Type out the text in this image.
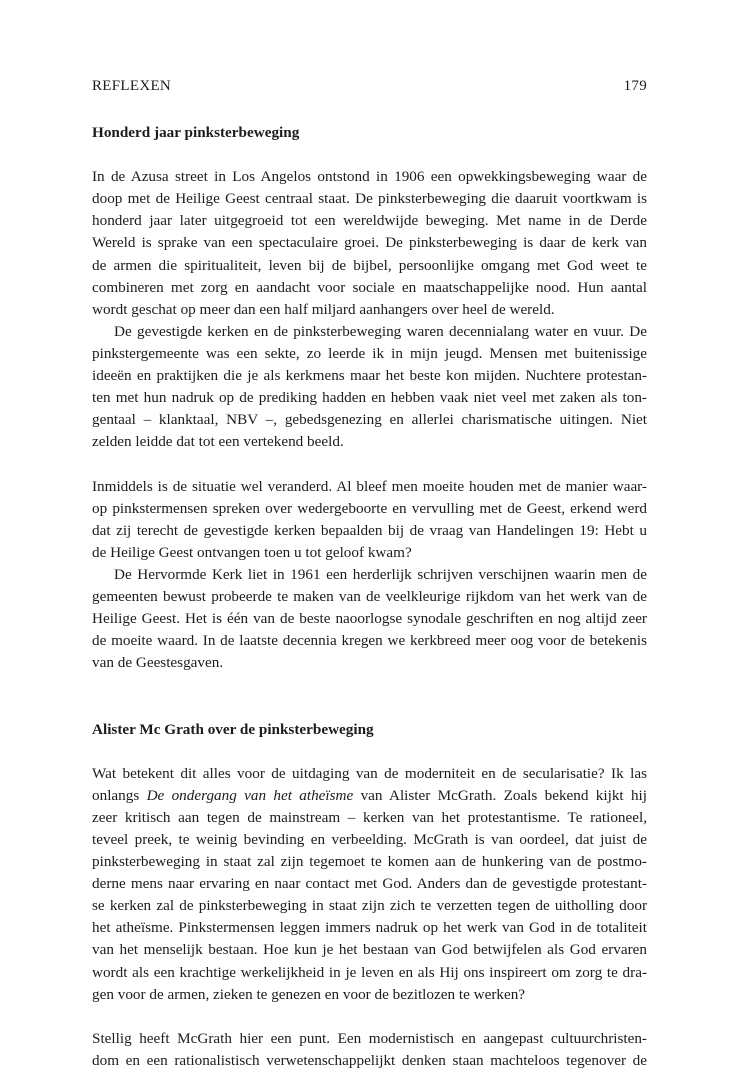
REFLEXEN	179
Honderd jaar pinksterbeweging
In de Azusa street in Los Angelos ontstond in 1906 een opwekkingsbeweging waar de
doop met de Heilige Geest centraal staat. De pinksterbeweging die daaruit voortkwam is
honderd jaar later uitgegroeid tot een wereldwijde beweging. Met name in de Derde
Wereld is sprake van een spectaculaire groei. De pinksterbeweging is daar de kerk van
de armen die spiritualiteit, leven bij de bijbel, persoonlijke omgang met God weet te
combineren met zorg en aandacht voor sociale en maatschappelijke nood. Hun aantal
wordt geschat op meer dan een half miljard aanhangers over heel de wereld.
De gevestigde kerken en de pinksterbeweging waren decennialang water en vuur. De
pinkstergemeente was een sekte, zo leerde ik in mijn jeugd. Mensen met buitenissige
ideeën en praktijken die je als kerkmens maar het beste kon mijden. Nuchtere protestan-
ten met hun nadruk op de prediking hadden en hebben vaak niet veel met zaken als ton-
gentaal – klanktaal, NBV –, gebedsgenezing en allerlei charismatische uitingen. Niet
zelden leidde dat tot een vertekend beeld.
Inmiddels is de situatie wel veranderd. Al bleef men moeite houden met de manier waar-
op pinkstermensen spreken over wedergeboorte en vervulling met de Geest, erkend werd
dat zij terecht de gevestigde kerken bepaalden bij de vraag van Handelingen 19: Hebt u
de Heilige Geest ontvangen toen u tot geloof kwam?
De Hervormde Kerk liet in 1961 een herderlijk schrijven verschijnen waarin men de
gemeenten bewust probeerde te maken van de veelkleurige rijkdom van het werk van de
Heilige Geest. Het is één van de beste naoorlogse synodale geschriften en nog altijd zeer
de moeite waard. In de laatste decennia kregen we kerkbreed meer oog voor de betekenis
van de Geestesgaven.
Alister Mc Grath over de pinksterbeweging
Wat betekent dit alles voor de uitdaging van de moderniteit en de secularisatie? Ik las
onlangs De ondergang van het atheïsme van Alister McGrath. Zoals bekend kijkt hij
zeer kritisch aan tegen de mainstream – kerken van het protestantisme. Te rationeel,
teveel preek, te weinig bevinding en verbeelding. McGrath is van oordeel, dat juist de
pinksterbeweging in staat zal zijn tegemoet te komen aan de hunkering van de postmo-
derne mens naar ervaring en naar contact met God. Anders dan de gevestigde protestant-
se kerken zal de pinksterbeweging in staat zijn zich te verzetten tegen de uitholling door
het atheïsme. Pinkstermensen leggen immers nadruk op het werk van God in de totaliteit
van het menselijk bestaan. Hoe kun je het bestaan van God betwijfelen als God ervaren
wordt als een krachtige werkelijkheid in je leven en als Hij ons inspireert om zorg te dra-
gen voor de armen, zieken te genezen en voor de bezitlozen te werken?
Stellig heeft McGrath hier een punt. Een modernistisch en aangepast cultuurchristen-
dom en een rationalistisch verwetenschappelijkt denken staan machteloos tegenover de
